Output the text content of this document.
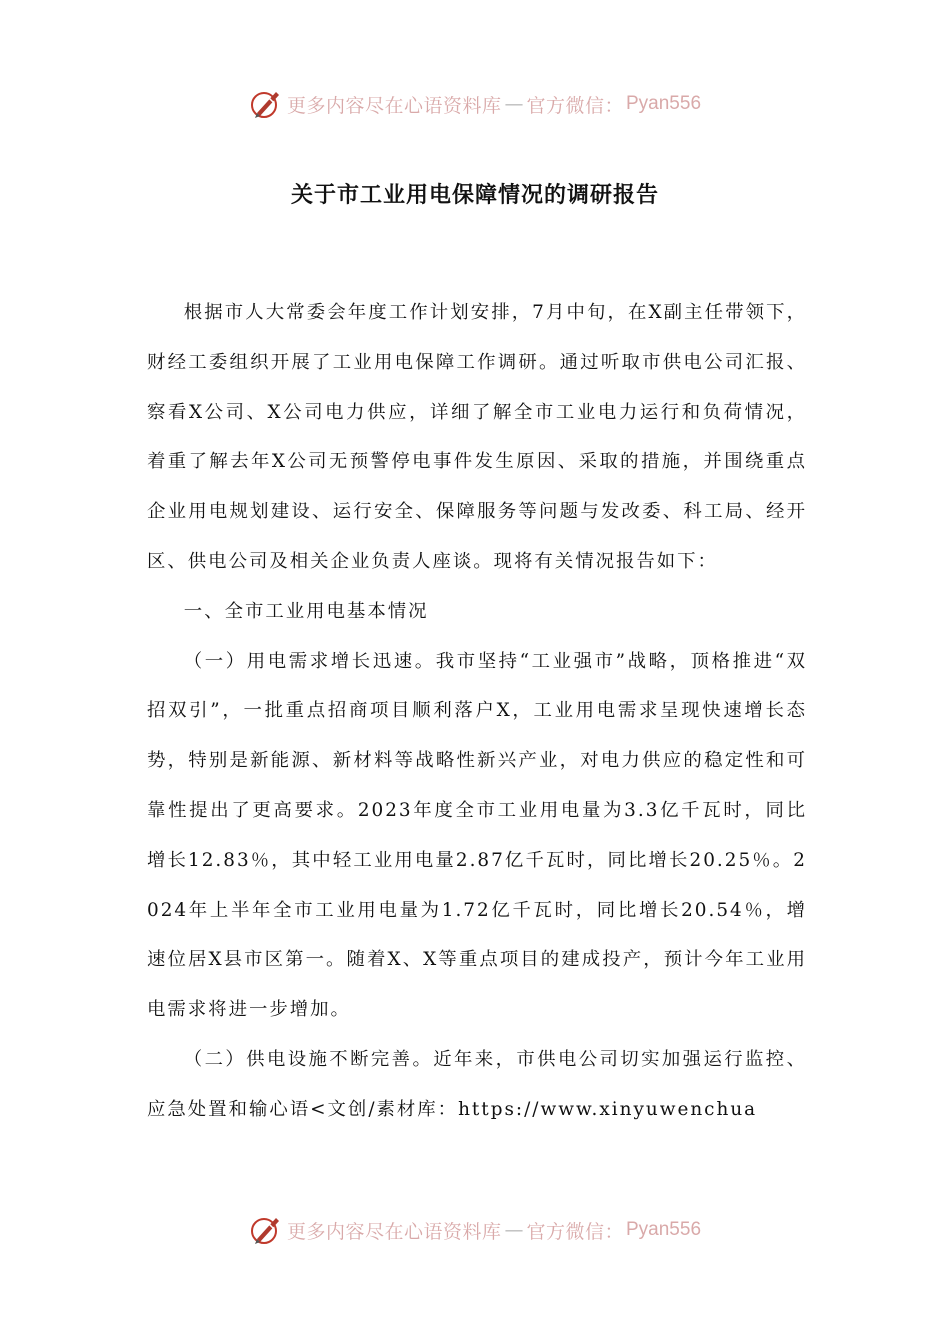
更多内容尽在心语资料库 — 官方微信： Pyan556
关于市工业用电保障情况的调研报告

根据市人大常委会年度工作计划安排，7月中旬，在X副主任带领下，财经工委组织开展了工业用电保障工作调研。通过听取市供电公司汇报、察看X公司、X公司电力供应，详细了解全市工业电力运行和负荷情况，着重了解去年X公司无预警停电事件发生原因、采取的措施，并围绕重点企业用电规划建设、运行安全、保障服务等问题与发改委、科工局、经开区、供电公司及相关企业负责人座谈。现将有关情况报告如下：

一、全市工业用电基本情况

（一）用电需求增长迅速。我市坚持“工业强市”战略，顶格推进“双招双引”，一批重点招商项目顺利落户X，工业用电需求呈现快速增长态势，特别是新能源、新材料等战略性新兴产业，对电力供应的稳定性和可靠性提出了更高要求。2023年度全市工业用电量为3.3亿千瓦时，同比增长12.83％，其中轻工业用电量2.87亿千瓦时，同比增长20.25％。2024年上半年全市工业用电量为1.72亿千瓦时，同比增长20.54％，增速位居X县市区第一。随着X、X等重点项目的建成投产，预计今年工业用电需求将进一步增加。

（二）供电设施不断完善。近年来，市供电公司切实加强运行监控、应急处置和输心语<文创/素材库：https://www.xinyuwenchua

更多内容尽在心语资料库 — 官方微信： Pyan556
